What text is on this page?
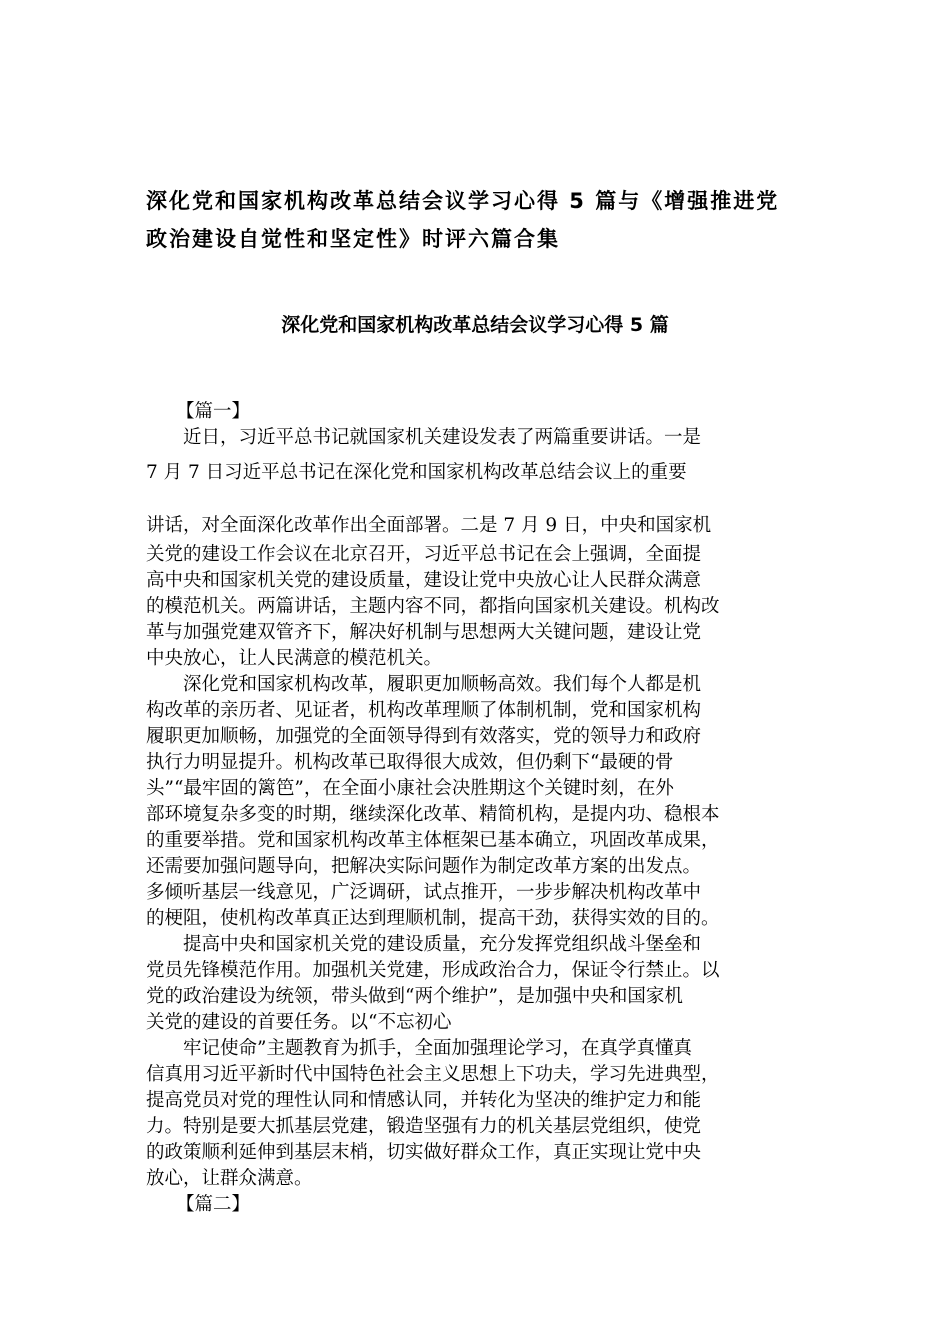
深化党和国家机构改革总结会议学习心得 5 篇与《增强推进党
政治建设自觉性和坚定性》时评六篇合集
深化党和国家机构改革总结会议学习心得 5 篇

【篇一】

近日，习近平总书记就国家机关建设发表了两篇重要讲话。一是
7 月 7 日习近平总书记在深化党和国家机构改革总结会议上的重要
讲话，对全面深化改革作出全面部署。二是 7 月 9 日，中央和国家机
关党的建设工作会议在北京召开，习近平总书记在会上强调，全面提
高中央和国家机关党的建设质量，建设让党中央放心让人民群众满意
的模范机关。两篇讲话，主题内容不同，都指向国家机关建设。机构改
革与加强党建双管齐下，解决好机制与思想两大关键问题，建设让党
中央放心，让人民满意的模范机关。
深化党和国家机构改革，履职更加顺畅高效。我们每个人都是机
构改革的亲历者、见证者，机构改革理顺了体制机制，党和国家机构
履职更加顺畅，加强党的全面领导得到有效落实，党的领导力和政府
执行力明显提升。机构改革已取得很大成效，但仍剩下“最硬的骨
头”“最牢固的篱笆”，在全面小康社会决胜期这个关键时刻，在外
部环境复杂多变的时期，继续深化改革、精简机构，是提内功、稳根本
的重要举措。党和国家机构改革主体框架已基本确立，巩固改革成果，
还需要加强问题导向，把解决实际问题作为制定改革方案的出发点。
多倾听基层一线意见，广泛调研，试点推开，一步步解决机构改革中
的梗阻，使机构改革真正达到理顺机制，提高干劲，获得实效的目的。
提高中央和国家机关党的建设质量，充分发挥党组织战斗堡垒和
党员先锋模范作用。加强机关党建，形成政治合力，保证令行禁止。以
党的政治建设为统领，带头做到“两个维护”，是加强中央和国家机
关党的建设的首要任务。以“不忘初心
牢记使命”主题教育为抓手，全面加强理论学习，在真学真懂真
信真用习近平新时代中国特色社会主义思想上下功夫，学习先进典型，
提高党员对党的理性认同和情感认同，并转化为坚决的维护定力和能
力。特别是要大抓基层党建，锻造坚强有力的机关基层党组织，使党
的政策顺利延伸到基层末梢，切实做好群众工作，真正实现让党中央
放心，让群众满意。

【篇二】
